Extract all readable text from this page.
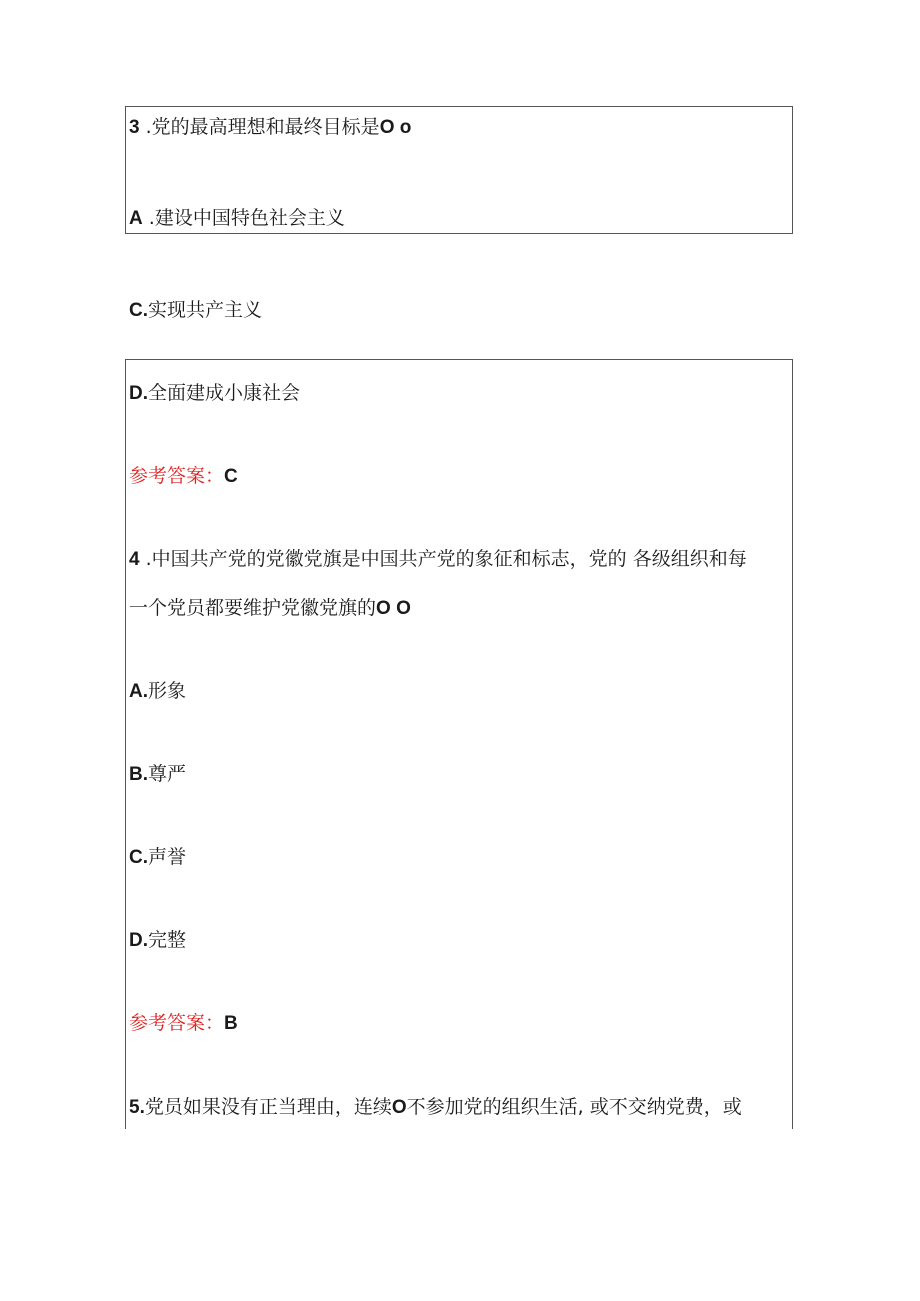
3 .党的最高理想和最终目标是O o
A .建设中国特色社会主义
C.实现共产主义
D.全面建成小康社会
参考答案：C
4 .中国共产党的党徽党旗是中国共产党的象征和标志，党的 各级组织和每
一个党员都要维护党徽党旗的O O
A.形象
B.尊严
C.声誉
D.完整
参考答案：B
5.党员如果没有正当理由，连续O不参加党的组织生活, 或不交纳党费，或
